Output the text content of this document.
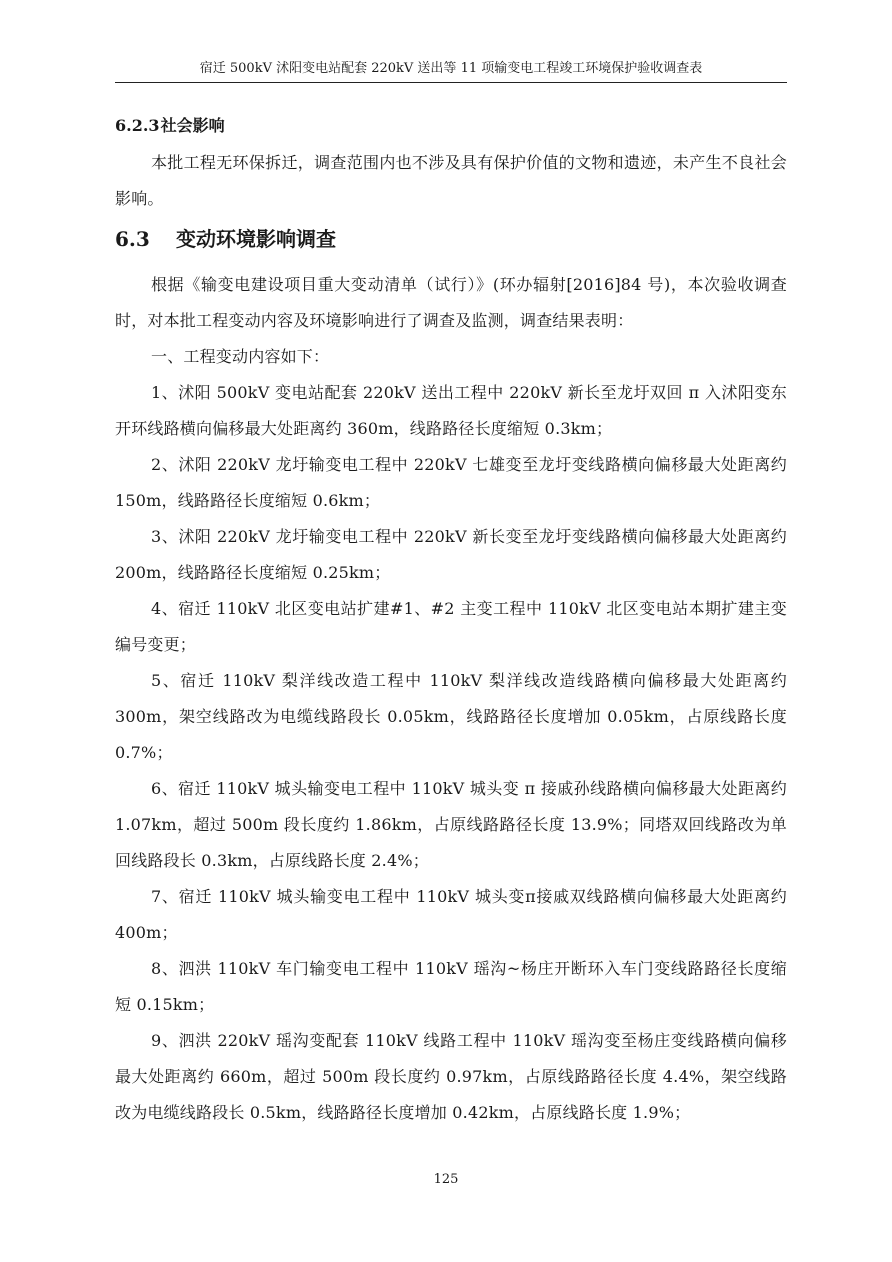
宿迁 500kV 沭阳变电站配套 220kV 送出等 11 项输变电工程竣工环境保护验收调查表
6.2.3 社会影响

本批工程无环保拆迁，调查范围内也不涉及具有保护价值的文物和遗迹，未产生不良社会影响。

6.3 变动环境影响调查

根据《输变电建设项目重大变动清单（试行）》(环办辐射[2016]84 号)，本次验收调查时，对本批工程变动内容及环境影响进行了调查及监测，调查结果表明：

一、工程变动内容如下：

1、沭阳 500kV 变电站配套 220kV 送出工程中 220kV 新长至龙圩双回 π 入沭阳变东开环线路横向偏移最大处距离约 360m，线路路径长度缩短 0.3km；

2、沭阳 220kV 龙圩输变电工程中 220kV 七雄变至龙圩变线路横向偏移最大处距离约 150m，线路路径长度缩短 0.6km；

3、沭阳 220kV 龙圩输变电工程中 220kV 新长变至龙圩变线路横向偏移最大处距离约 200m，线路路径长度缩短 0.25km；

4、宿迁 110kV 北区变电站扩建#1、#2 主变工程中 110kV 北区变电站本期扩建主变编号变更；

5、宿迁 110kV 梨洋线改造工程中 110kV 梨洋线改造线路横向偏移最大处距离约 300m，架空线路改为电缆线路段长 0.05km，线路路径长度增加 0.05km，占原线路长度 0.7%；

6、宿迁 110kV 城头输变电工程中 110kV 城头变 π 接戚孙线路横向偏移最大处距离约 1.07km，超过 500m 段长度约 1.86km，占原线路路径长度 13.9%；同塔双回线路改为单回线路段长 0.3km，占原线路长度 2.4%；

7、宿迁 110kV 城头输变电工程中 110kV 城头变π接戚双线路横向偏移最大处距离约 400m；

8、泗洪 110kV 车门输变电工程中 110kV 瑶沟~杨庄开断环入车门变线路路径长度缩短 0.15km；

9、泗洪 220kV 瑶沟变配套 110kV 线路工程中 110kV 瑶沟变至杨庄变线路横向偏移最大处距离约 660m，超过 500m 段长度约 0.97km，占原线路路径长度 4.4%，架空线路改为电缆线路段长 0.5km，线路路径长度增加 0.42km，占原线路长度 1.9%；

125
